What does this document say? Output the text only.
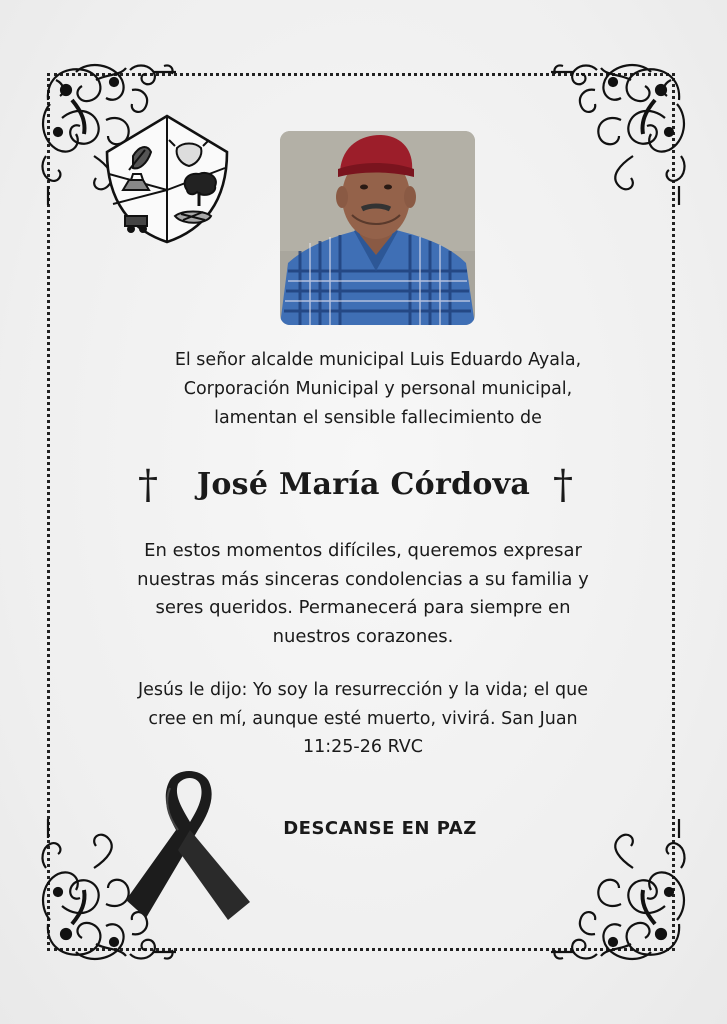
El señor alcalde municipal Luis Eduardo Ayala,
Corporación Municipal y personal municipal,
lamentan el sensible fallecimiento de
†	José María Córdova †
En estos momentos difíciles, queremos expresar
nuestras más sinceras condolencias a su familia y
seres queridos. Permanecerá para siempre en
nuestros corazones.
Jesús le dijo: Yo soy la resurrección y la vida; el que
cree en mí, aunque esté muerto, vivirá. San Juan
11:25-26 RVC
DESCANSE EN PAZ
